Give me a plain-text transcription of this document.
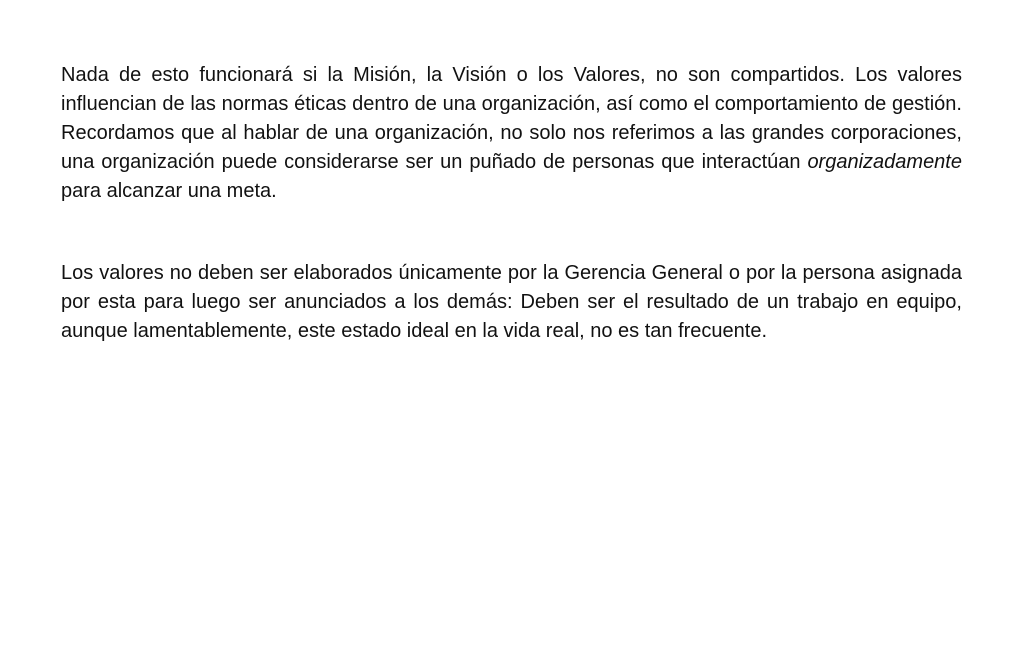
Nada de esto funcionará si la Misión, la Visión o los Valores, no son compartidos. Los valores influencian de las normas éticas dentro de una organización, así como el comportamiento de gestión. Recordamos que al hablar de una organización, no solo nos referimos a las grandes corporaciones, una organización puede considerarse ser un puñado de personas que interactúan organizadamente para alcanzar una meta.

Los valores no deben ser elaborados únicamente por la Gerencia General o por la persona asignada por esta para luego ser anunciados a los demás: Deben ser el resultado de un trabajo en equipo, aunque lamentablemente, este estado ideal en la vida real, no es tan frecuente.
